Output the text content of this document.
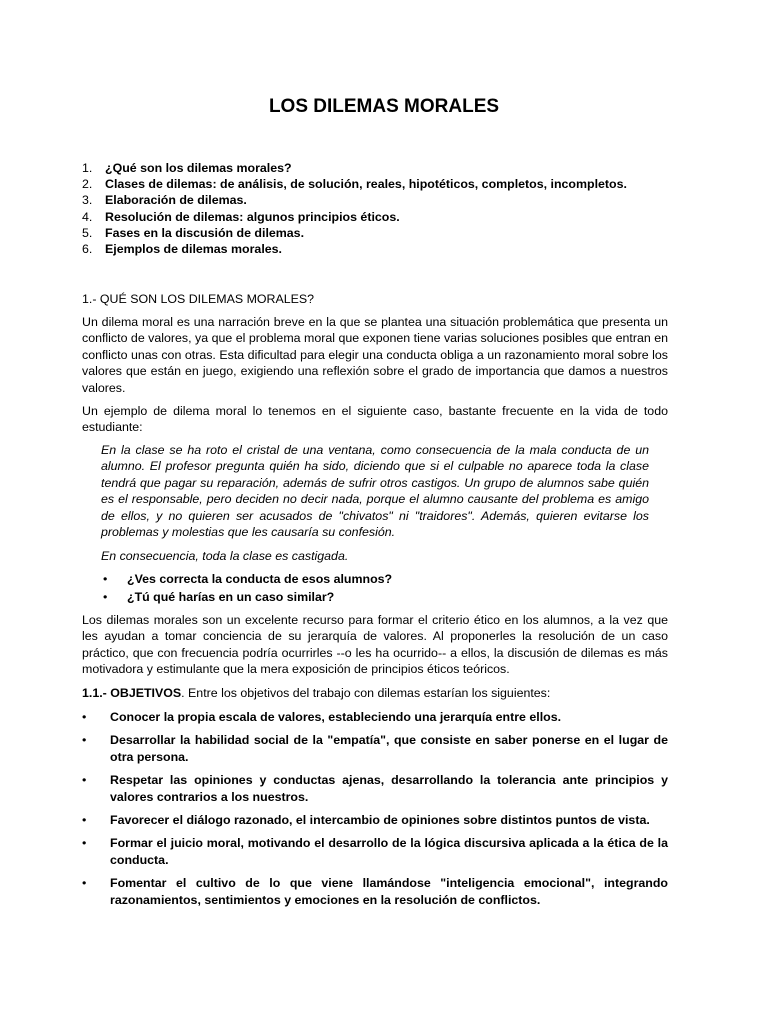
LOS DILEMAS MORALES
1. ¿Qué son los dilemas morales?
2. Clases de dilemas: de análisis, de solución, reales, hipotéticos, completos, incompletos.
3. Elaboración de dilemas.
4. Resolución de dilemas: algunos principios éticos.
5. Fases en la discusión de dilemas.
6. Ejemplos de dilemas morales.
1.- QUÉ SON LOS DILEMAS MORALES?
Un dilema moral es una narración breve en la que se plantea una situación problemática que presenta un conflicto de valores, ya que el problema moral que exponen tiene varias soluciones posibles que entran en conflicto unas con otras. Esta dificultad para elegir una conducta obliga a un razonamiento moral sobre los valores que están en juego, exigiendo una reflexión sobre el grado de importancia que damos a nuestros valores.
Un ejemplo de dilema moral lo tenemos en el siguiente caso, bastante frecuente en la vida de todo estudiante:
En la clase se ha roto el cristal de una ventana, como consecuencia de la mala conducta de un alumno. El profesor pregunta quién ha sido, diciendo que si el culpable no aparece toda la clase tendrá que pagar su reparación, además de sufrir otros castigos. Un grupo de alumnos sabe quién es el responsable, pero deciden no decir nada, porque el alumno causante del problema es amigo de ellos, y no quieren ser acusados de "chivatos" ni "traidores". Además, quieren evitarse los problemas y molestias que les causaría su confesión.
En consecuencia, toda la clase es castigada.
• ¿Ves correcta la conducta de esos alumnos?
• ¿Tú qué harías en un caso similar?
Los dilemas morales son un excelente recurso para formar el criterio ético en los alumnos, a la vez que les ayudan a tomar conciencia de su jerarquía de valores. Al proponerles la resolución de un caso práctico, que con frecuencia podría ocurrirles --o les ha ocurrido-- a ellos, la discusión de dilemas es más motivadora y estimulante que la mera exposición de principios éticos teóricos.
1.1.- OBJETIVOS. Entre los objetivos del trabajo con dilemas estarían los siguientes:
• Conocer la propia escala de valores, estableciendo una jerarquía entre ellos.
• Desarrollar la habilidad social de la "empatía", que consiste en saber ponerse en el lugar de otra persona.
• Respetar las opiniones y conductas ajenas, desarrollando la tolerancia ante principios y valores contrarios a los nuestros.
• Favorecer el diálogo razonado, el intercambio de opiniones sobre distintos puntos de vista.
• Formar el juicio moral, motivando el desarrollo de la lógica discursiva aplicada a la ética de la conducta.
• Fomentar el cultivo de lo que viene llamándose "inteligencia emocional", integrando razonamientos, sentimientos y emociones en la resolución de conflictos.
